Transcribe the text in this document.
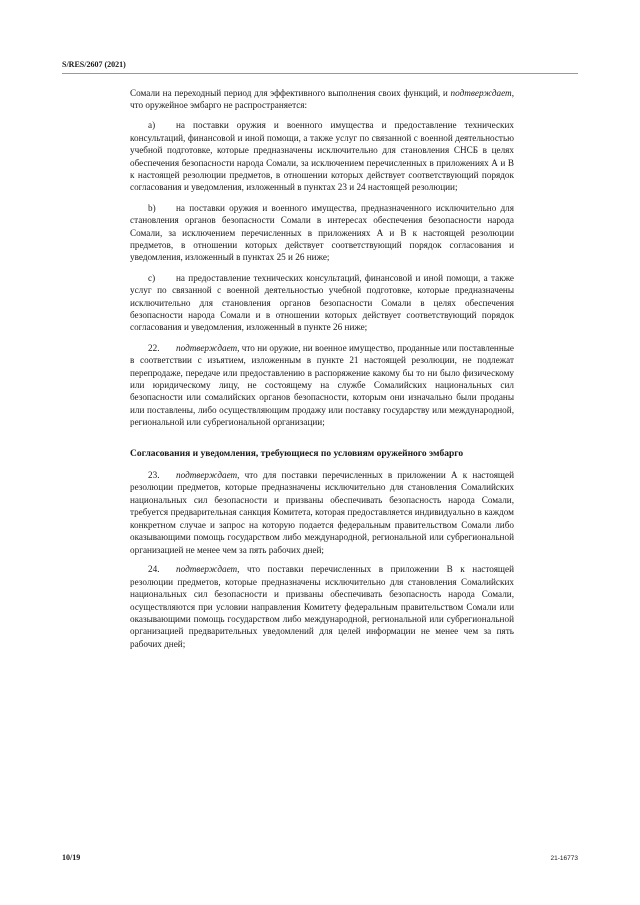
S/RES/2607 (2021)

Сомали на переходный период для эффективного выполнения своих функций, и подтверждает, что оружейное эмбарго не распространяется:

a) на поставки оружия и военного имущества и предоставление технических консультаций, финансовой и иной помощи, а также услуг по связанной с военной деятельностью учебной подготовке, которые предназначены исключительно для становления СНСБ в целях обеспечения безопасности народа Сомали, за исключением перечисленных в приложениях А и В к настоящей резолюции предметов, в отношении которых действует соответствующий порядок согласования и уведомления, изложенный в пунктах 23 и 24 настоящей резолюции;

b) на поставки оружия и военного имущества, предназначенного исключительно для становления органов безопасности Сомали в интересах обеспечения безопасности народа Сомали, за исключением перечисленных в приложениях А и В к настоящей резолюции предметов, в отношении которых действует соответствующий порядок согласования и уведомления, изложенный в пунктах 25 и 26 ниже;

c) на предоставление технических консультаций, финансовой и иной помощи, а также услуг по связанной с военной деятельностью учебной подготовке, которые предназначены исключительно для становления органов безопасности Сомали в целях обеспечения безопасности народа Сомали и в отношении которых действует соответствующий порядок согласования и уведомления, изложенный в пункте 26 ниже;

22. подтверждает, что ни оружие, ни военное имущество, проданные или поставленные в соответствии с изъятием, изложенным в пункте 21 настоящей резолюции, не подлежат перепродаже, передаче или предоставлению в распоряжение какому бы то ни было физическому или юридическому лицу, не состоящему на службе Сомалийских национальных сил безопасности или сомалийских органов безопасности, которым они изначально были проданы или поставлены, либо осуществляющим продажу или поставку государству или международной, региональной или субрегиональной организации;

Согласования и уведомления, требующиеся по условиям оружейного эмбарго

23. подтверждает, что для поставки перечисленных в приложении А к настоящей резолюции предметов, которые предназначены исключительно для становления Сомалийских национальных сил безопасности и призваны обеспечивать безопасность народа Сомали, требуется предварительная санкция Комитета, которая предоставляется индивидуально в каждом конкретном случае и запрос на которую подается федеральным правительством Сомали либо оказывающими помощь государством либо международной, региональной или субрегиональной организацией не менее чем за пять рабочих дней;

24. подтверждает, что поставки перечисленных в приложении В к настоящей резолюции предметов, которые предназначены исключительно для становления Сомалийских национальных сил безопасности и призваны обеспечивать безопасность народа Сомали, осуществляются при условии направления Комитету федеральным правительством Сомали или оказывающими помощь государством либо международной, региональной или субрегиональной организацией предварительных уведомлений для целей информации не менее чем за пять рабочих дней;

10/19	21-16773
